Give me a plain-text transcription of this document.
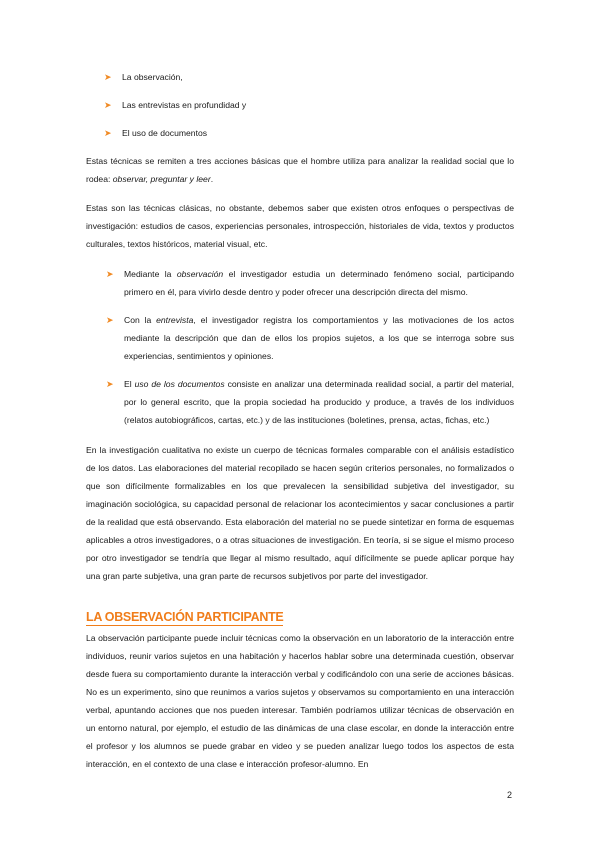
➤	La observación,
➤	Las entrevistas en profundidad y
➤	El uso de documentos

Estas técnicas se remiten a tres acciones básicas que el hombre utiliza para analizar la realidad social que lo rodea: observar, preguntar y leer.

Estas son las técnicas clásicas, no obstante, debemos saber que existen otros enfoques o perspectivas de investigación: estudios de casos, experiencias personales, introspección, historiales de vida, textos y productos culturales, textos históricos, material visual, etc.

➤	Mediante la observación el investigador estudia un determinado fenómeno social, participando primero en él, para vivirlo desde dentro y poder ofrecer una descripción directa del mismo.
➤	Con la entrevista, el investigador registra los comportamientos y las motivaciones de los actos mediante la descripción que dan de ellos los propios sujetos, a los que se interroga sobre sus experiencias, sentimientos y opiniones.
➤	El uso de los documentos consiste en analizar una determinada realidad social, a partir del material, por lo general escrito, que la propia sociedad ha producido y produce, a través de los individuos (relatos autobiográficos, cartas, etc.) y de las instituciones (boletines, prensa, actas, fichas, etc.)

En la investigación cualitativa no existe un cuerpo de técnicas formales comparable con el análisis estadístico de los datos. Las elaboraciones del material recopilado se hacen según criterios personales, no formalizados o que son difícilmente formalizables en los que prevalecen la sensibilidad subjetiva del investigador, su imaginación sociológica, su capacidad personal de relacionar los acontecimientos y sacar conclusiones a partir de la realidad que está observando. Esta elaboración del material no se puede sintetizar en forma de esquemas aplicables a otros investigadores, o a otras situaciones de investigación. En teoría, si se sigue el mismo proceso por otro investigador se tendría que llegar al mismo resultado, aquí difícilmente se puede aplicar porque hay una gran parte subjetiva, una gran parte de recursos subjetivos por parte del investigador.

LA OBSERVACIÓN PARTICIPANTE

La observación participante puede incluir técnicas como la observación en un laboratorio de la interacción entre individuos, reunir varios sujetos en una habitación y hacerlos hablar sobre una determinada cuestión, observar desde fuera su comportamiento durante la interacción verbal y codificándolo con una serie de acciones básicas. No es un experimento, sino que reunimos a varios sujetos y observamos su comportamiento en una interacción verbal, apuntando acciones que nos pueden interesar. También podríamos utilizar técnicas de observación en un entorno natural, por ejemplo, el estudio de las dinámicas de una clase escolar, en donde la interacción entre el profesor y los alumnos se puede grabar en video y se pueden analizar luego todos los aspectos de esta interacción, en el contexto de una clase e interacción profesor-alumno. En

2
